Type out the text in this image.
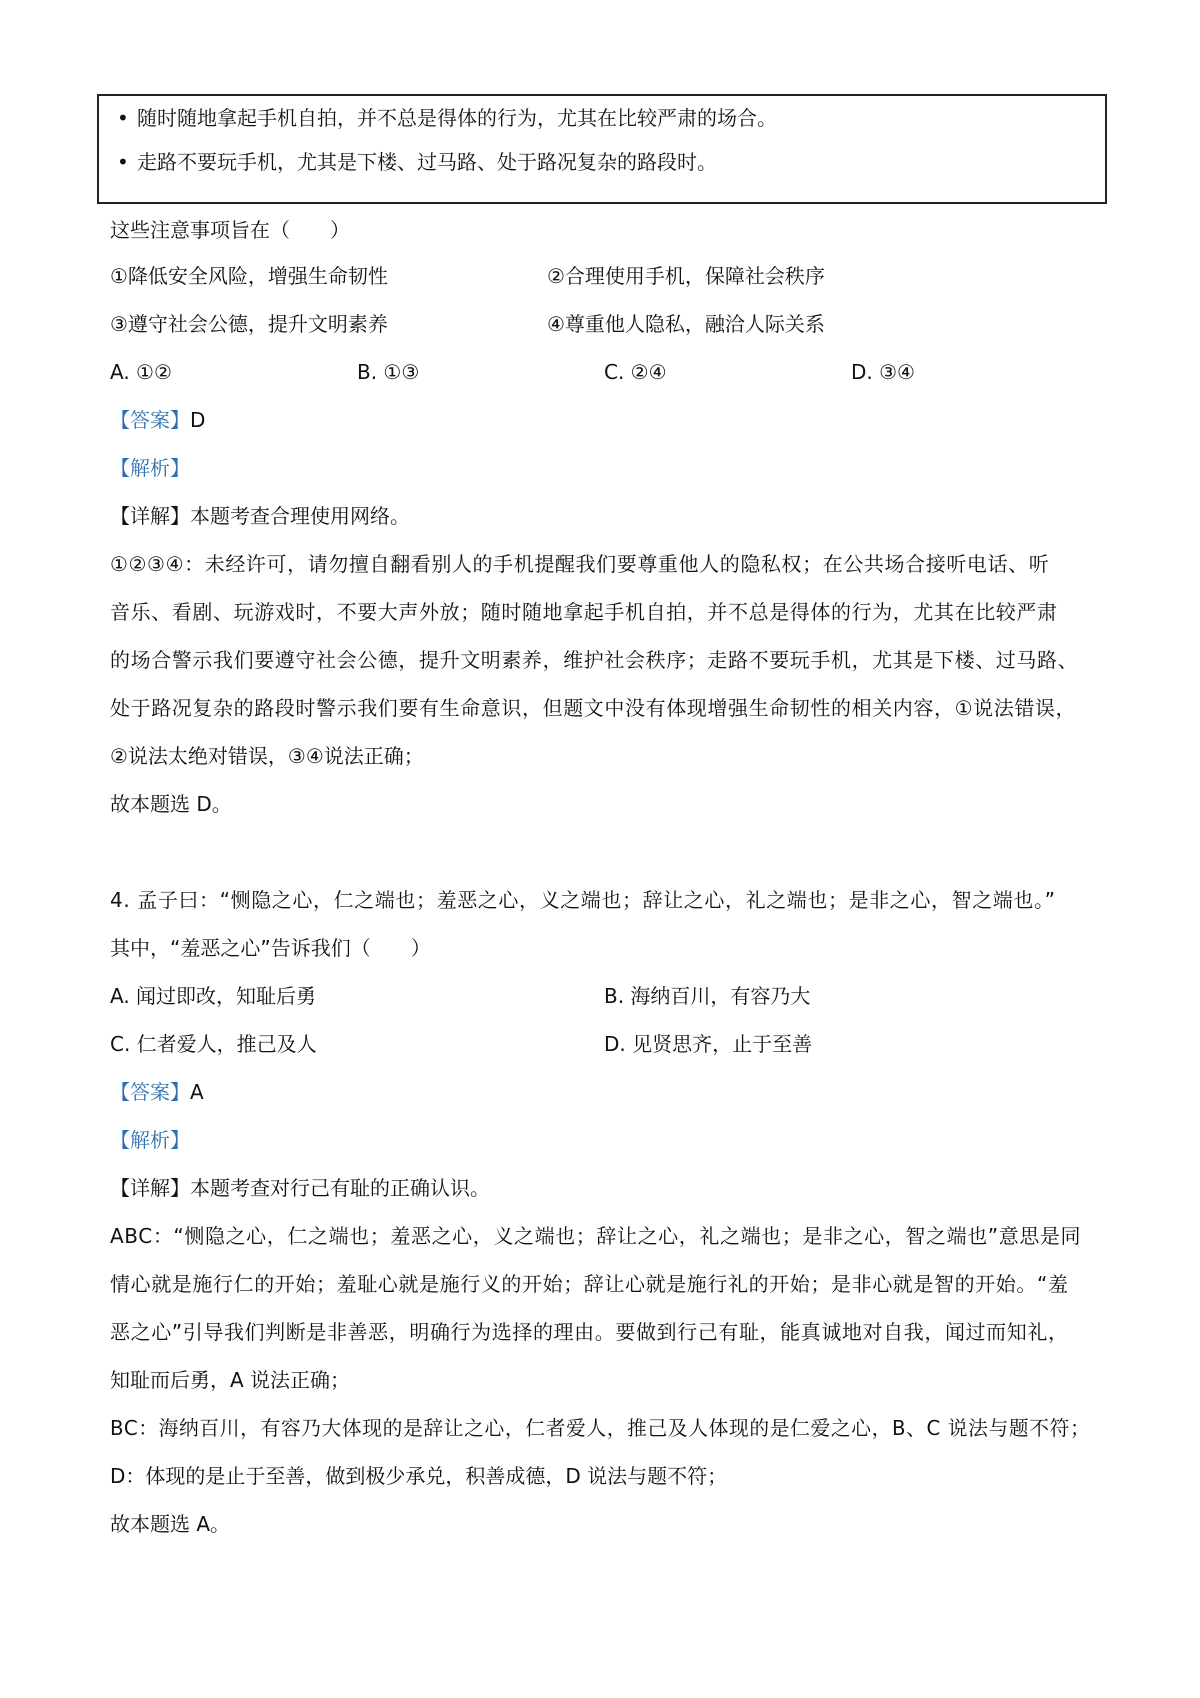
• 随时随地拿起手机自拍，并不总是得体的行为，尤其在比较严肃的场合。
• 走路不要玩手机，尤其是下楼、过马路、处于路况复杂的路段时。
这些注意事项旨在（　　）
①降低安全风险，增强生命韧性	②合理使用手机，保障社会秩序
③遵守社会公德，提升文明素养	④尊重他人隐私，融洽人际关系
A. ①②	B. ①③	C. ②④	D. ③④
【答案】D
【解析】
【详解】本题考查合理使用网络。
①②③④：未经许可，请勿擅自翻看别人的手机提醒我们要尊重他人的隐私权；在公共场合接听电话、听
音乐、看剧、玩游戏时，不要大声外放；随时随地拿起手机自拍，并不总是得体的行为，尤其在比较严肃
的场合警示我们要遵守社会公德，提升文明素养，维护社会秩序；走路不要玩手机，尤其是下楼、过马路、
处于路况复杂的路段时警示我们要有生命意识，但题文中没有体现增强生命韧性的相关内容，①说法错误，
②说法太绝对错误，③④说法正确；
故本题选 D。
4. 孟子曰：“恻隐之心，仁之端也；羞恶之心，义之端也；辞让之心，礼之端也；是非之心，智之端也。”
其中，“羞恶之心”告诉我们（　　）
A. 闻过即改，知耻后勇	B. 海纳百川，有容乃大
C. 仁者爱人，推己及人	D. 见贤思齐，止于至善
【答案】A
【解析】
【详解】本题考查对行己有耻的正确认识。
ABC：“恻隐之心，仁之端也；羞恶之心，义之端也；辞让之心，礼之端也；是非之心，智之端也”意思是同
情心就是施行仁的开始；羞耻心就是施行义的开始；辞让心就是施行礼的开始；是非心就是智的开始。“羞
恶之心”引导我们判断是非善恶，明确行为选择的理由。要做到行己有耻，能真诚地对自我，闻过而知礼，
知耻而后勇，A 说法正确；
BC：海纳百川，有容乃大体现的是辞让之心，仁者爱人，推己及人体现的是仁爱之心，B、C 说法与题不符；
D：体现的是止于至善，做到极少承兑，积善成德，D 说法与题不符；
故本题选 A。
